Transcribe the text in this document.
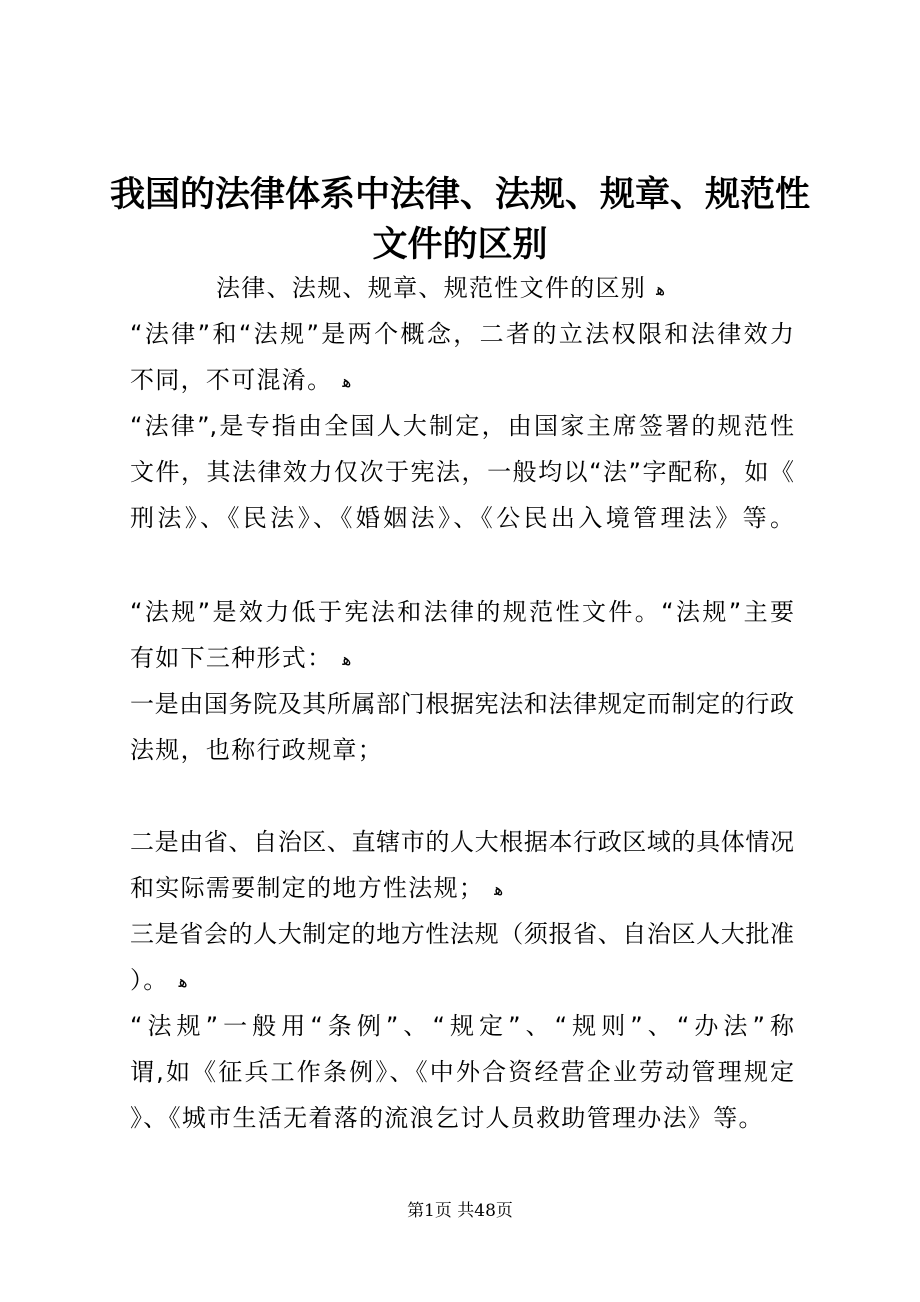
我国的法律体系中法律、法规、规章、规范性文件的区别
法律、法规、规章、规范性文件的区别 ﻫ
“法律”和“法规”是两个概念，二者的立法权限和法律效力
不同，不可混淆。 ﻫ
“法律”,是专指由全国人大制定，由国家主席签署的规范性
文件，其法律效力仅次于宪法，一般均以“法”字配称，如《
刑法》、《民法》、《婚姻法》、《公民出入境管理法》等。
“法规”是效力低于宪法和法律的规范性文件。“法规”主要
有如下三种形式： ﻫ
一是由国务院及其所属部门根据宪法和法律规定而制定的行政
法规，也称行政规章；
二是由省、自治区、直辖市的人大根据本行政区域的具体情况
和实际需要制定的地方性法规； ﻫ
三是省会的人大制定的地方性法规（须报省、自治区人大批准
）。 ﻫ
“法规”一般用“条例”、“规定”、“规则”、“办法”称
谓,如《征兵工作条例》、《中外合资经营企业劳动管理规定
》、《城市生活无着落的流浪乞讨人员救助管理办法》等。
第1页 共48页
